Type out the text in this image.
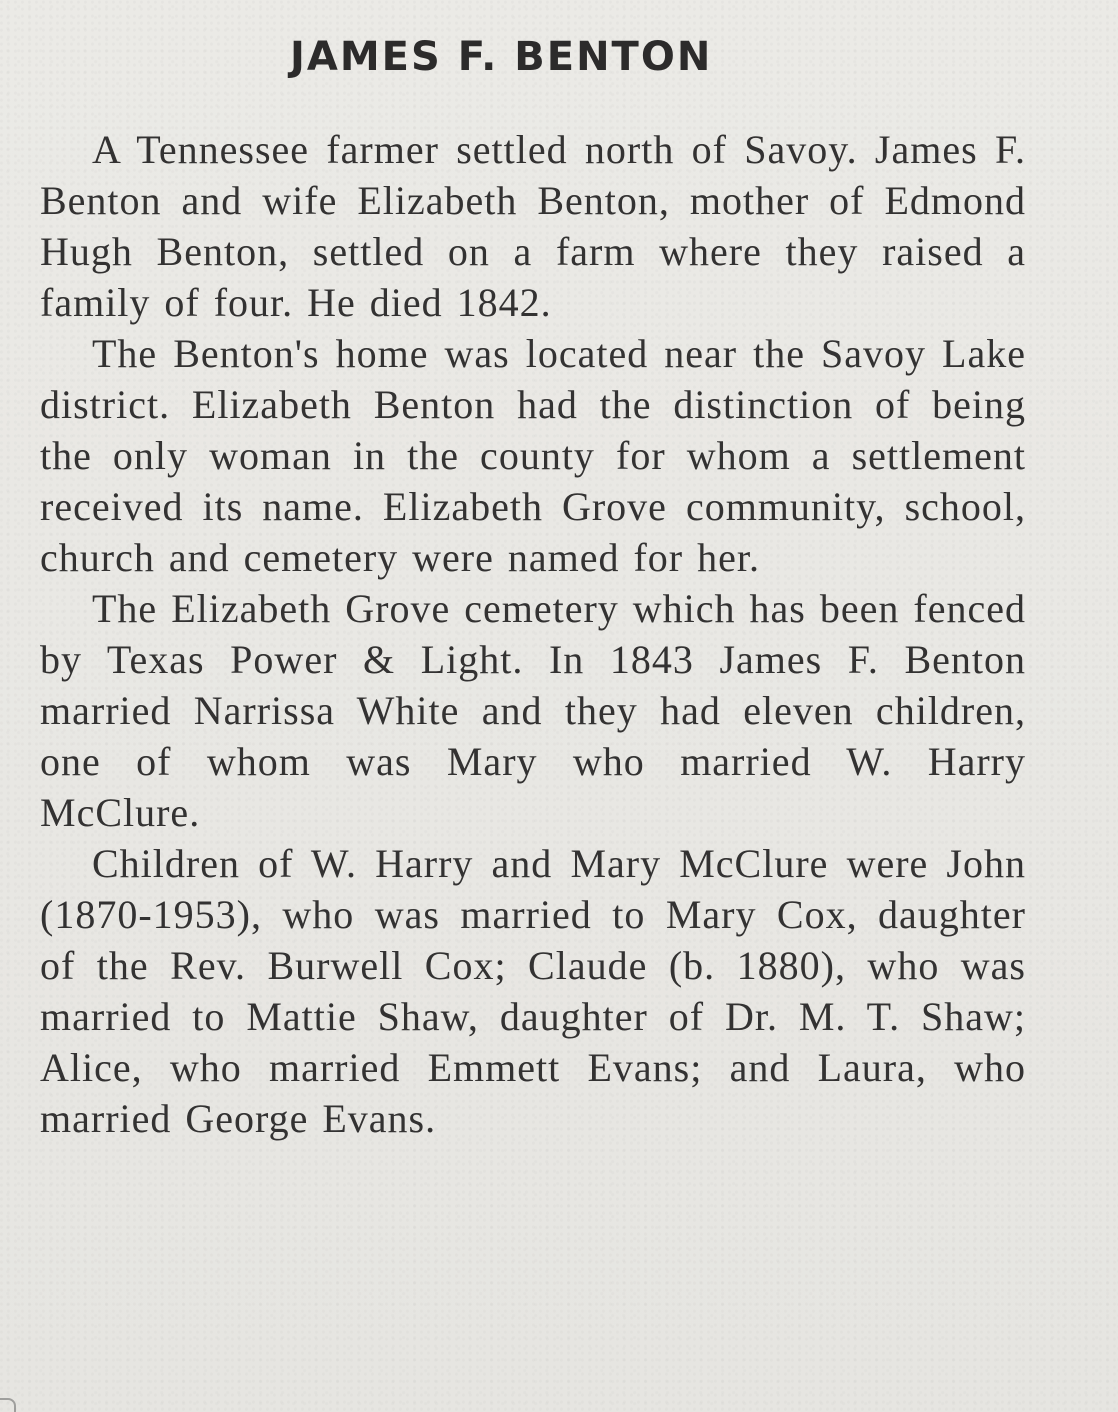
JAMES F. BENTON

A Tennessee farmer settled north of Savoy. James F. Benton and wife Elizabeth Benton, mother of Edmond Hugh Benton, settled on a farm where they raised a family of four. He died 1842.

The Benton's home was located near the Savoy Lake district. Elizabeth Benton had the distinction of being the only woman in the county for whom a settlement received its name. Elizabeth Grove community, school, church and cemetery were named for her.

The Elizabeth Grove cemetery which has been fenced by Texas Power & Light. In 1843 James F. Benton married Narrissa White and they had eleven children, one of whom was Mary who married W. Harry McClure.

Children of W. Harry and Mary McClure were John (1870-1953), who was married to Mary Cox, daughter of the Rev. Burwell Cox; Claude (b. 1880), who was married to Mattie Shaw, daughter of Dr. M. T. Shaw; Alice, who married Emmett Evans; and Laura, who married George Evans.
